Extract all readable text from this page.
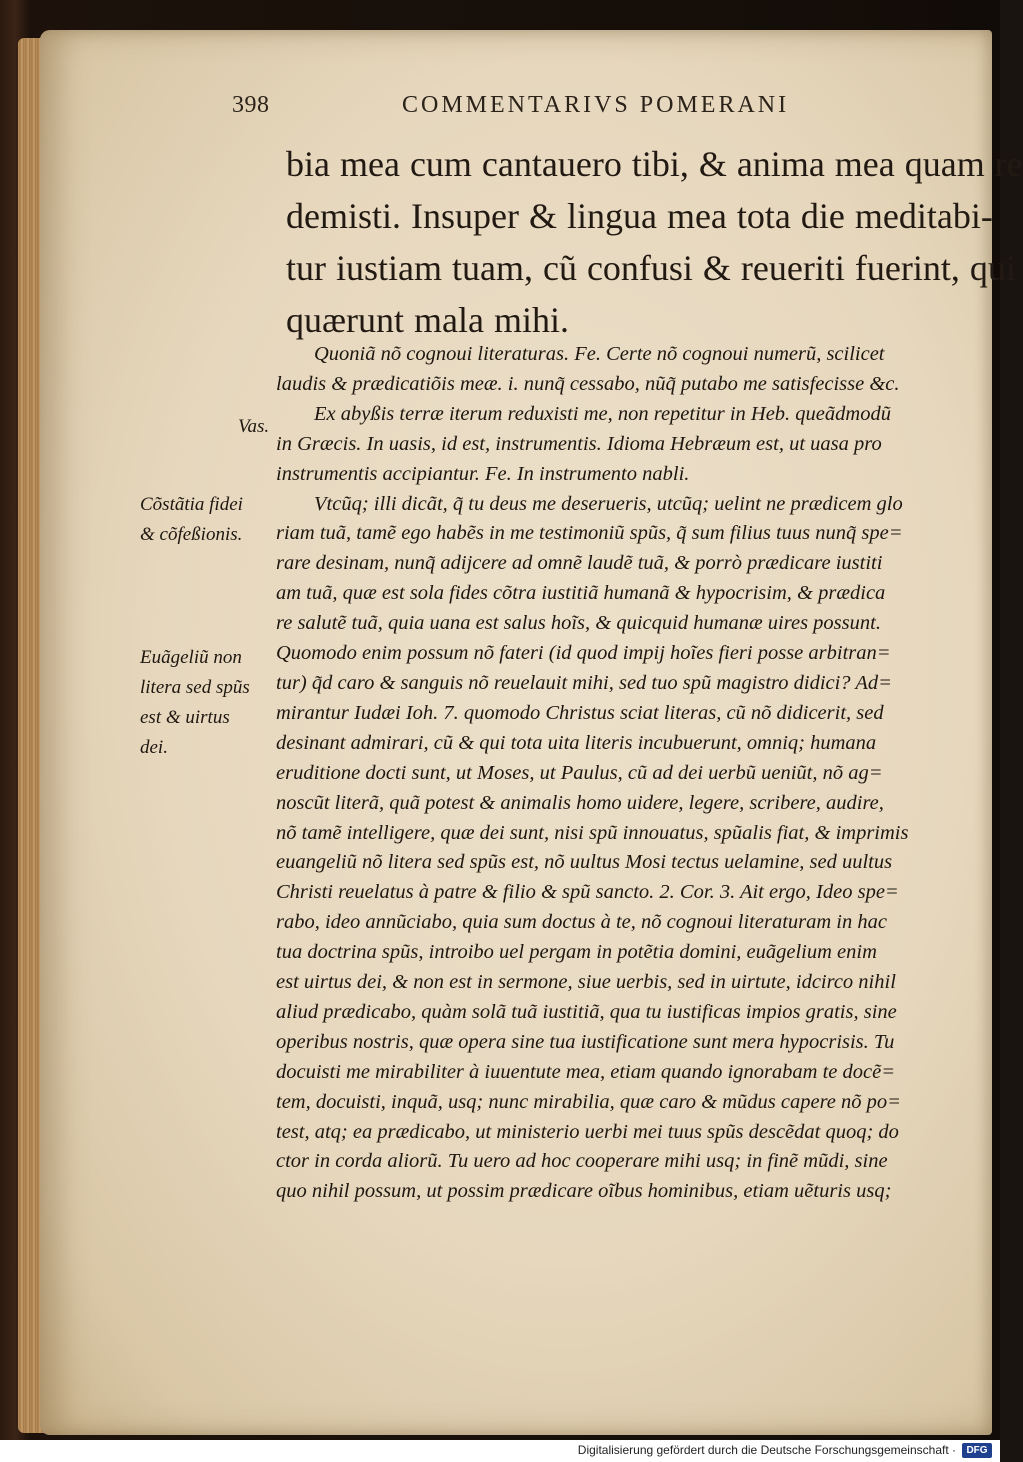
398	COMMENTARIVS POMERANI
bia mea cum cantauero tibi, & anima mea quam re
demisti. Insuper & lingua mea tota die meditabi-
tur iustiam tuam, cũ confusi & reueriti fuerint, qui
quærunt mala mihi.
Quoniã nõ cognoui literaturas. Fe. Certe nõ cognoui numerũ, scilicet
laudis & prædicatiõis meæ. i. nunq̃ cessabo, nũq̃ putabo me satisfecisse &c.
Ex abyßis terræ iterum reduxisti me, non repetitur in Heb. queãdmodũ
in Græcis. In uasis, id est, instrumentis. Idioma Hebræum est, ut uasa pro
instrumentis accipiantur. Fe. In instrumento nabli.
Vtcũq; illi dicãt, q̃ tu deus me deserueris, utcũq; uelint ne prædicem glo
riam tuã, tamẽ ego habẽs in me testimoniũ spũs, q̃ sum filius tuus nunq̃ spe=
rare desinam, nunq̃ adijcere ad omnẽ laudẽ tuã, & porrò prædicare iustiti
am tuã, quæ est sola fides cõtra iustitiã humanã & hypocrisim, & prædica
re salutẽ tuã, quia uana est salus hoĩs, & quicquid humanæ uires possunt.
Quomodo enim possum nõ fateri (id quod impij hoĩes fieri posse arbitran=
tur) q̃d caro & sanguis nõ reuelauit mihi, sed tuo spũ magistro didici? Ad=
mirantur Iudæi Ioh. 7. quomodo Christus sciat literas, cũ nõ didicerit, sed
desinant admirari, cũ & qui tota uita literis incubuerunt, omniq; humana
eruditione docti sunt, ut Moses, ut Paulus, cũ ad dei uerbũ ueniũt, nõ ag=
noscũt literã, quã potest & animalis homo uidere, legere, scribere, audire,
nõ tamẽ intelligere, quæ dei sunt, nisi spũ innouatus, spũalis fiat, & imprimis
euangeliũ nõ litera sed spũs est, nõ uultus Mosi tectus uelamine, sed uultus
Christi reuelatus à patre & filio & spũ sancto. 2. Cor. 3. Ait ergo, Ideo spe=
rabo, ideo annũciabo, quia sum doctus à te, nõ cognoui literaturam in hac
tua doctrina spũs, introibo uel pergam in potẽtia domini, euãgelium enim
est uirtus dei, & non est in sermone, siue uerbis, sed in uirtute, idcirco nihil
aliud prædicabo, quàm solã tuã iustitiã, qua tu iustificas impios gratis, sine
operibus nostris, quæ opera sine tua iustificatione sunt mera hypocrisis. Tu
docuisti me mirabiliter à iuuentute mea, etiam quando ignorabam te docẽ=
tem, docuisti, inquã, usq; nunc mirabilia, quæ caro & mũdus capere nõ po=
test, atq; ea prædicabo, ut ministerio uerbi mei tuus spũs descẽdat quoq; do
ctor in corda aliorũ. Tu uero ad hoc cooperare mihi usq; in finẽ mũdi, sine
quo nihil possum, ut possim prædicare oĩbus hominibus, etiam uẽturis usq;
Vas.
Cõstãtia fidei
& cõfeßionis.
Euãgeliũ non
litera sed spũs
est & uirtus
dei.
Digitalisierung gefördert durch die Deutsche Forschungsgemeinschaft ·	DFG
